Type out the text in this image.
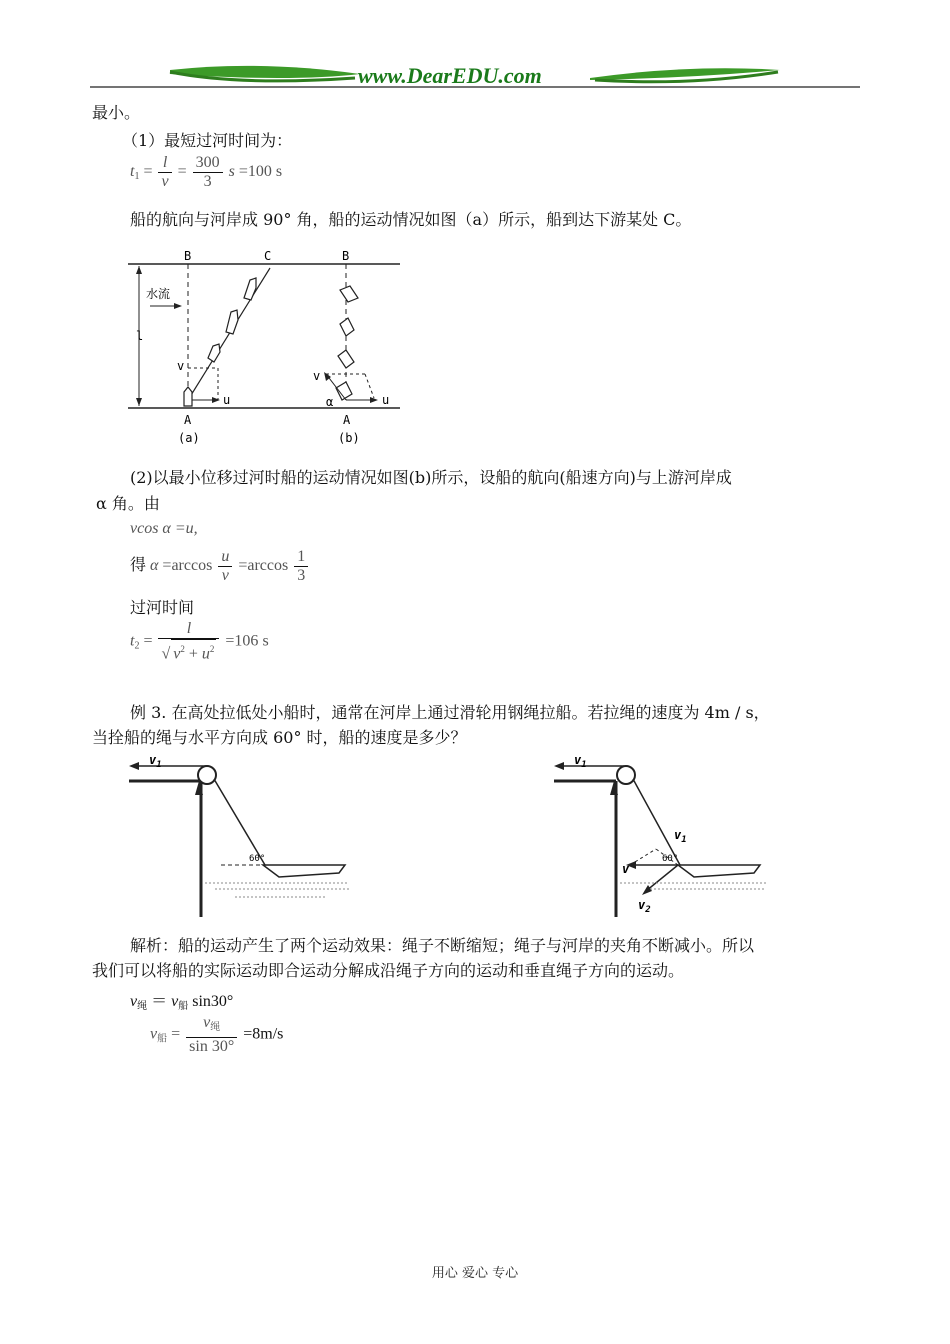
www.DearEDU.com
最小。
（1）最短过河时间为：
$t_1 = \frac{l}{v} = \frac{300}{3}$ s =100 s
船的航向与河岸成 90° 角，船的运动情况如图（a）所示，船到达下游某处 C。
B	C
水流
l
v
u
A
(a)
B
v
α
A
u
(b)
(2)以最小位移过河时船的运动情况如图(b)所示，设船的航向(船速方向)与上游河岸成
α 角。由
vcos α =u,
得 $\alpha =\arccos \frac{u}{v} =\arccos \frac{1}{3}$
过河时间
$t_2 = \frac{l}{√ v^2 + u^2} =106$ s
例 3. 在高处拉低处小船时，通常在河岸上通过滑轮用钢绳拉船。若拉绳的速度为 4m / s，
当拴船的绳与水平方向成 60° 时，船的速度是多少？
$v_1$
60°
$v_1$
$v_1$
60°
v
$v_2$
解析：船的运动产生了两个运动效果：绳子不断缩短；绳子与河岸的夹角不断减小。所以
我们可以将船的实际运动即合运动分解成沿绳子方向的运动和垂直绳子方向的运动。
$v_绳 = v_船$ sin30°
$v_船 = \frac{v_绳}{\sin 30^\circ} =8m/s$
用心 爱心 专心
